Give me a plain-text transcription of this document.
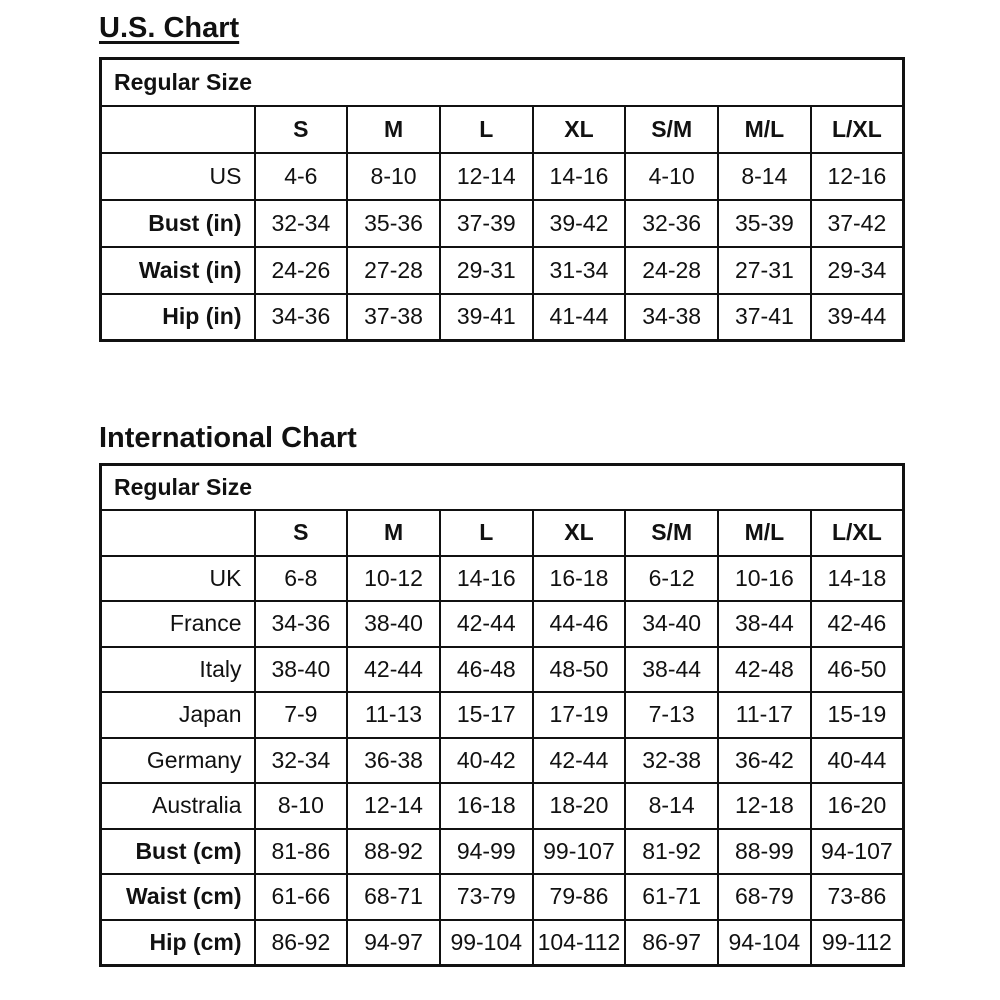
U.S. Chart
Regular Size							
	S	M	L	XL	S/M	M/L	L/XL
US	4-6	8-10	12-14	14-16	4-10	8-14	12-16
Bust (in)	32-34	35-36	37-39	39-42	32-36	35-39	37-42
Waist (in)	24-26	27-28	29-31	31-34	24-28	27-31	29-34
Hip (in)	34-36	37-38	39-41	41-44	34-38	37-41	39-44
International Chart
Regular Size							
	S	M	L	XL	S/M	M/L	L/XL
UK	6-8	10-12	14-16	16-18	6-12	10-16	14-18
France	34-36	38-40	42-44	44-46	34-40	38-44	42-46
Italy	38-40	42-44	46-48	48-50	38-44	42-48	46-50
Japan	7-9	11-13	15-17	17-19	7-13	11-17	15-19
Germany	32-34	36-38	40-42	42-44	32-38	36-42	40-44
Australia	8-10	12-14	16-18	18-20	8-14	12-18	16-20
Bust (cm)	81-86	88-92	94-99	99-107	81-92	88-99	94-107
Waist (cm)	61-66	68-71	73-79	79-86	61-71	68-79	73-86
Hip (cm)	86-92	94-97	99-104	104-112	86-97	94-104	99-112
